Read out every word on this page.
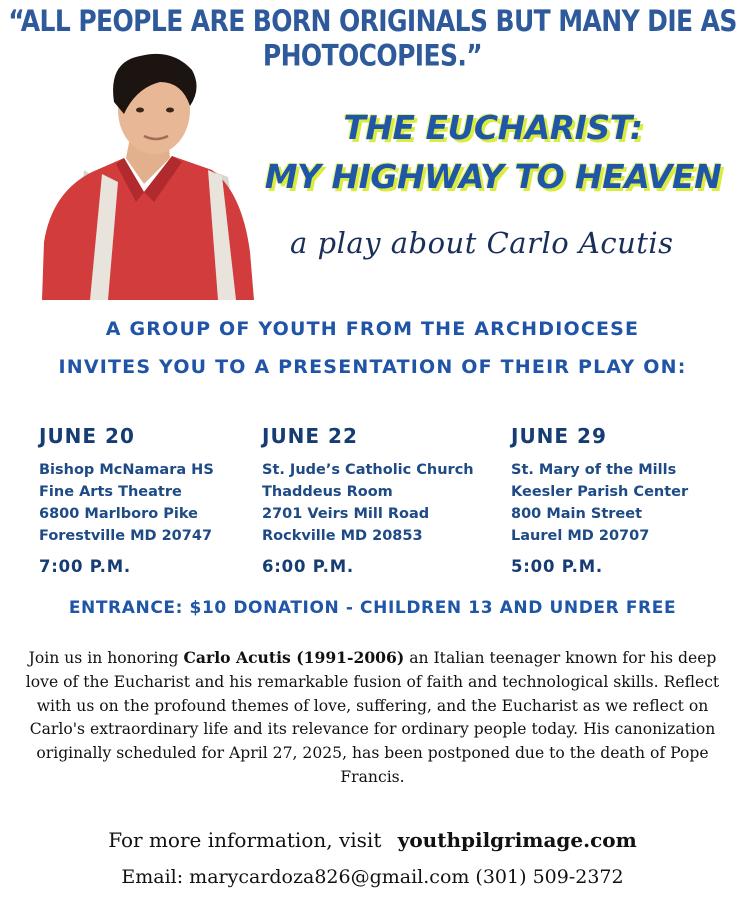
“ALL PEOPLE ARE BORN ORIGINALS BUT MANY DIE AS PHOTOCOPIES.”
THE EUCHARIST:
MY HIGHWAY TO HEAVEN
a play about Carlo Acutis
A GROUP OF YOUTH FROM THE ARCHDIOCESE
INVITES YOU TO A PRESENTATION OF THEIR PLAY ON:
JUNE 20
Bishop McNamara HS
Fine Arts Theatre
6800 Marlboro Pike
Forestville MD 20747
7:00 P.M.
JUNE 22
St. Jude’s Catholic Church
Thaddeus Room
2701 Veirs Mill Road
Rockville MD 20853
6:00 P.M.
JUNE 29
St. Mary of the Mills
Keesler Parish Center
800 Main Street
Laurel MD 20707
5:00 P.M.
ENTRANCE: $10 DONATION - CHILDREN 13 AND UNDER FREE
Join us in honoring Carlo Acutis (1991-2006) an Italian teenager known for his deep love of the Eucharist and his remarkable fusion of faith and technological skills. Reflect with us on the profound themes of love, suffering, and the Eucharist as we reflect on Carlo's extraordinary life and its relevance for ordinary people today. His canonization originally scheduled for April 27, 2025, has been postponed due to the death of Pope Francis.
For more information, visit youthpilgrimage.com
Email: marycardoza826@gmail.com (301) 509-2372
